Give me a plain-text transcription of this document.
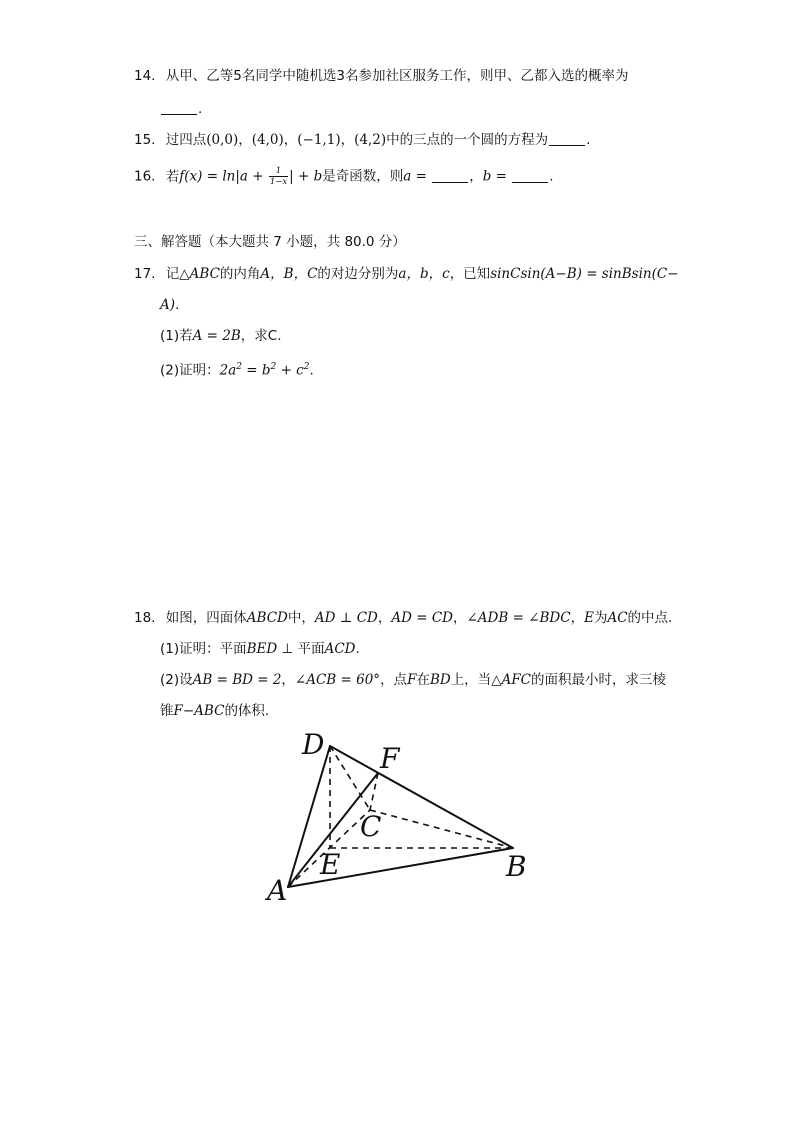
14. 从甲、乙等5名同学中随机选3名参加社区服务工作，则甲、乙都入选的概率为
.
15. 过四点(0,0)，(4,0)，(−1,1)，(4,2)中的三点的一个圆的方程为	.
16. 若$f(x) = \ln|a + \frac{1}{1-x}$ | + b是奇函数，则a =	，b =	.
三、解答题（本大题共 7 小题，共 80.0 分）
17. 记△ABC的内角A，B，C的对边分别为a，b，c，已知sinCsin(A−B) = sinBsin(C−
A).
(1)若A = 2B，求C.
(2)证明：$2a^2 = b^2 + c^2$.
18. 如图，四面体ABCD中，AD ⊥ CD，AD = CD，∠ADB = ∠BDC，E为AC的中点．
(1)证明：平面BED ⊥ 平面ACD.
(2)设AB = BD = 2，∠ACB = 60°，点F在BD上，当△AFC的面积最小时，求三棱
锥F−ABC的体积．
D F
C
E
A
B
